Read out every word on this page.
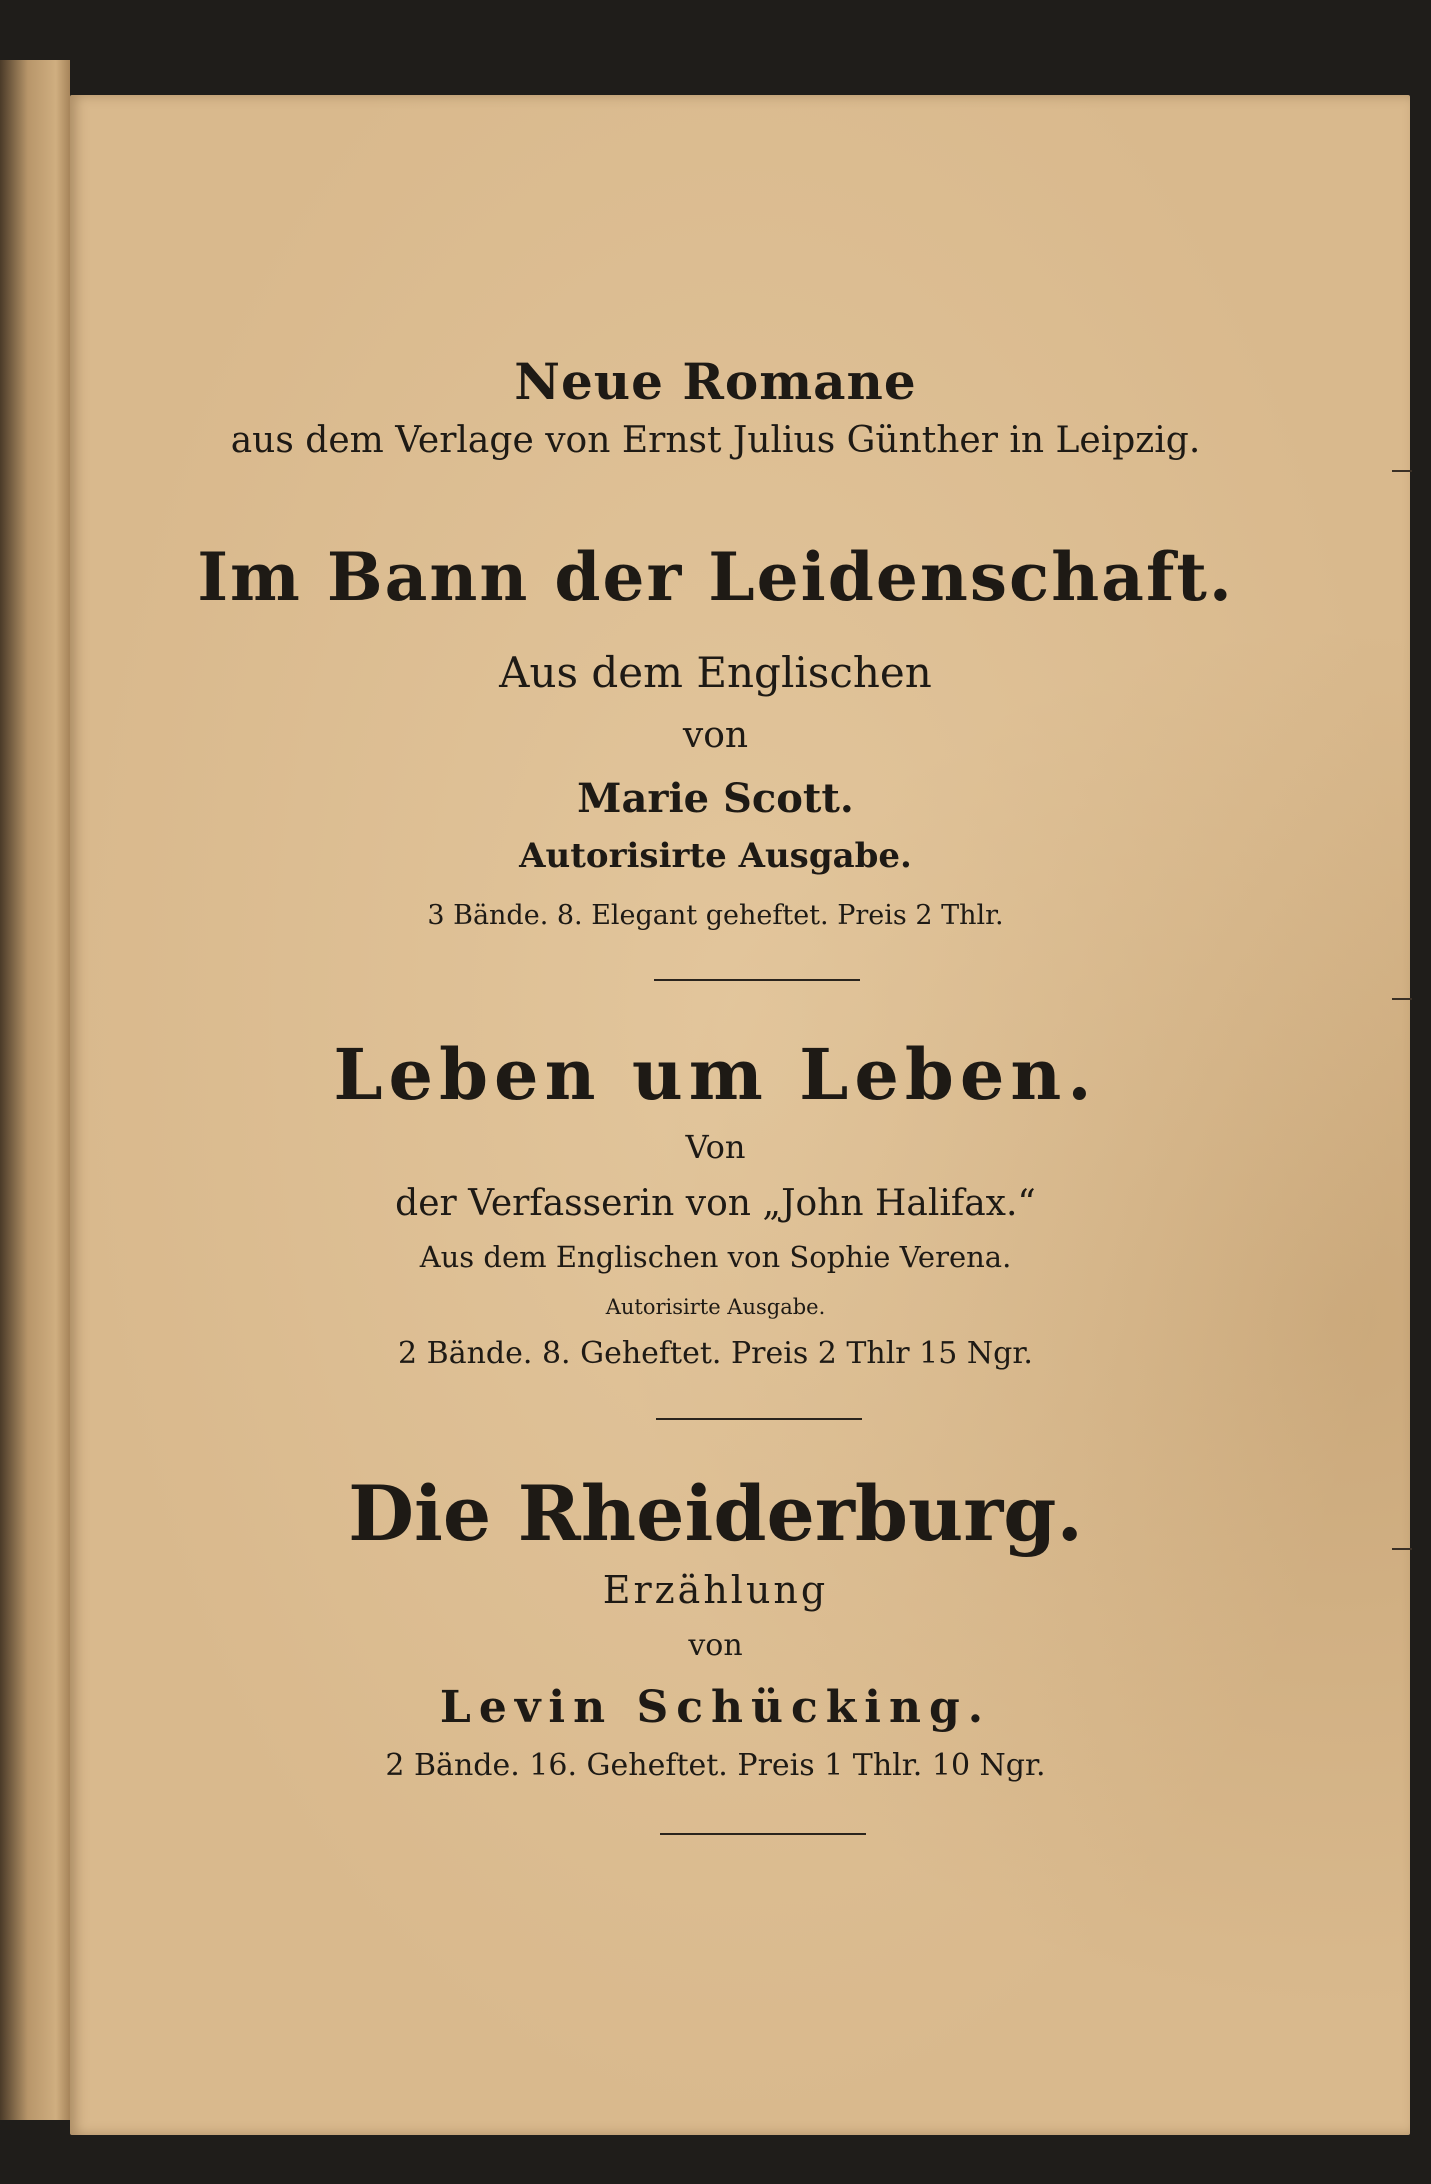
Neue Romane
aus dem Verlage von Ernst Julius Günther in Leipzig.
Im Bann der Leidenschaft.
Aus dem Englischen
von
Marie Scott.
Autorisirte Ausgabe.
3 Bände. 8. Elegant geheftet. Preis 2 Thlr.
Leben um Leben.
Von
der Verfasserin von „John Halifax.“
Aus dem Englischen von Sophie Verena.
Autorisirte Ausgabe.
2 Bände. 8. Geheftet. Preis 2 Thlr 15 Ngr.
Die Rheiderburg.
Erzählung
von
Levin Schücking.
2 Bände. 16. Geheftet. Preis 1 Thlr. 10 Ngr.
